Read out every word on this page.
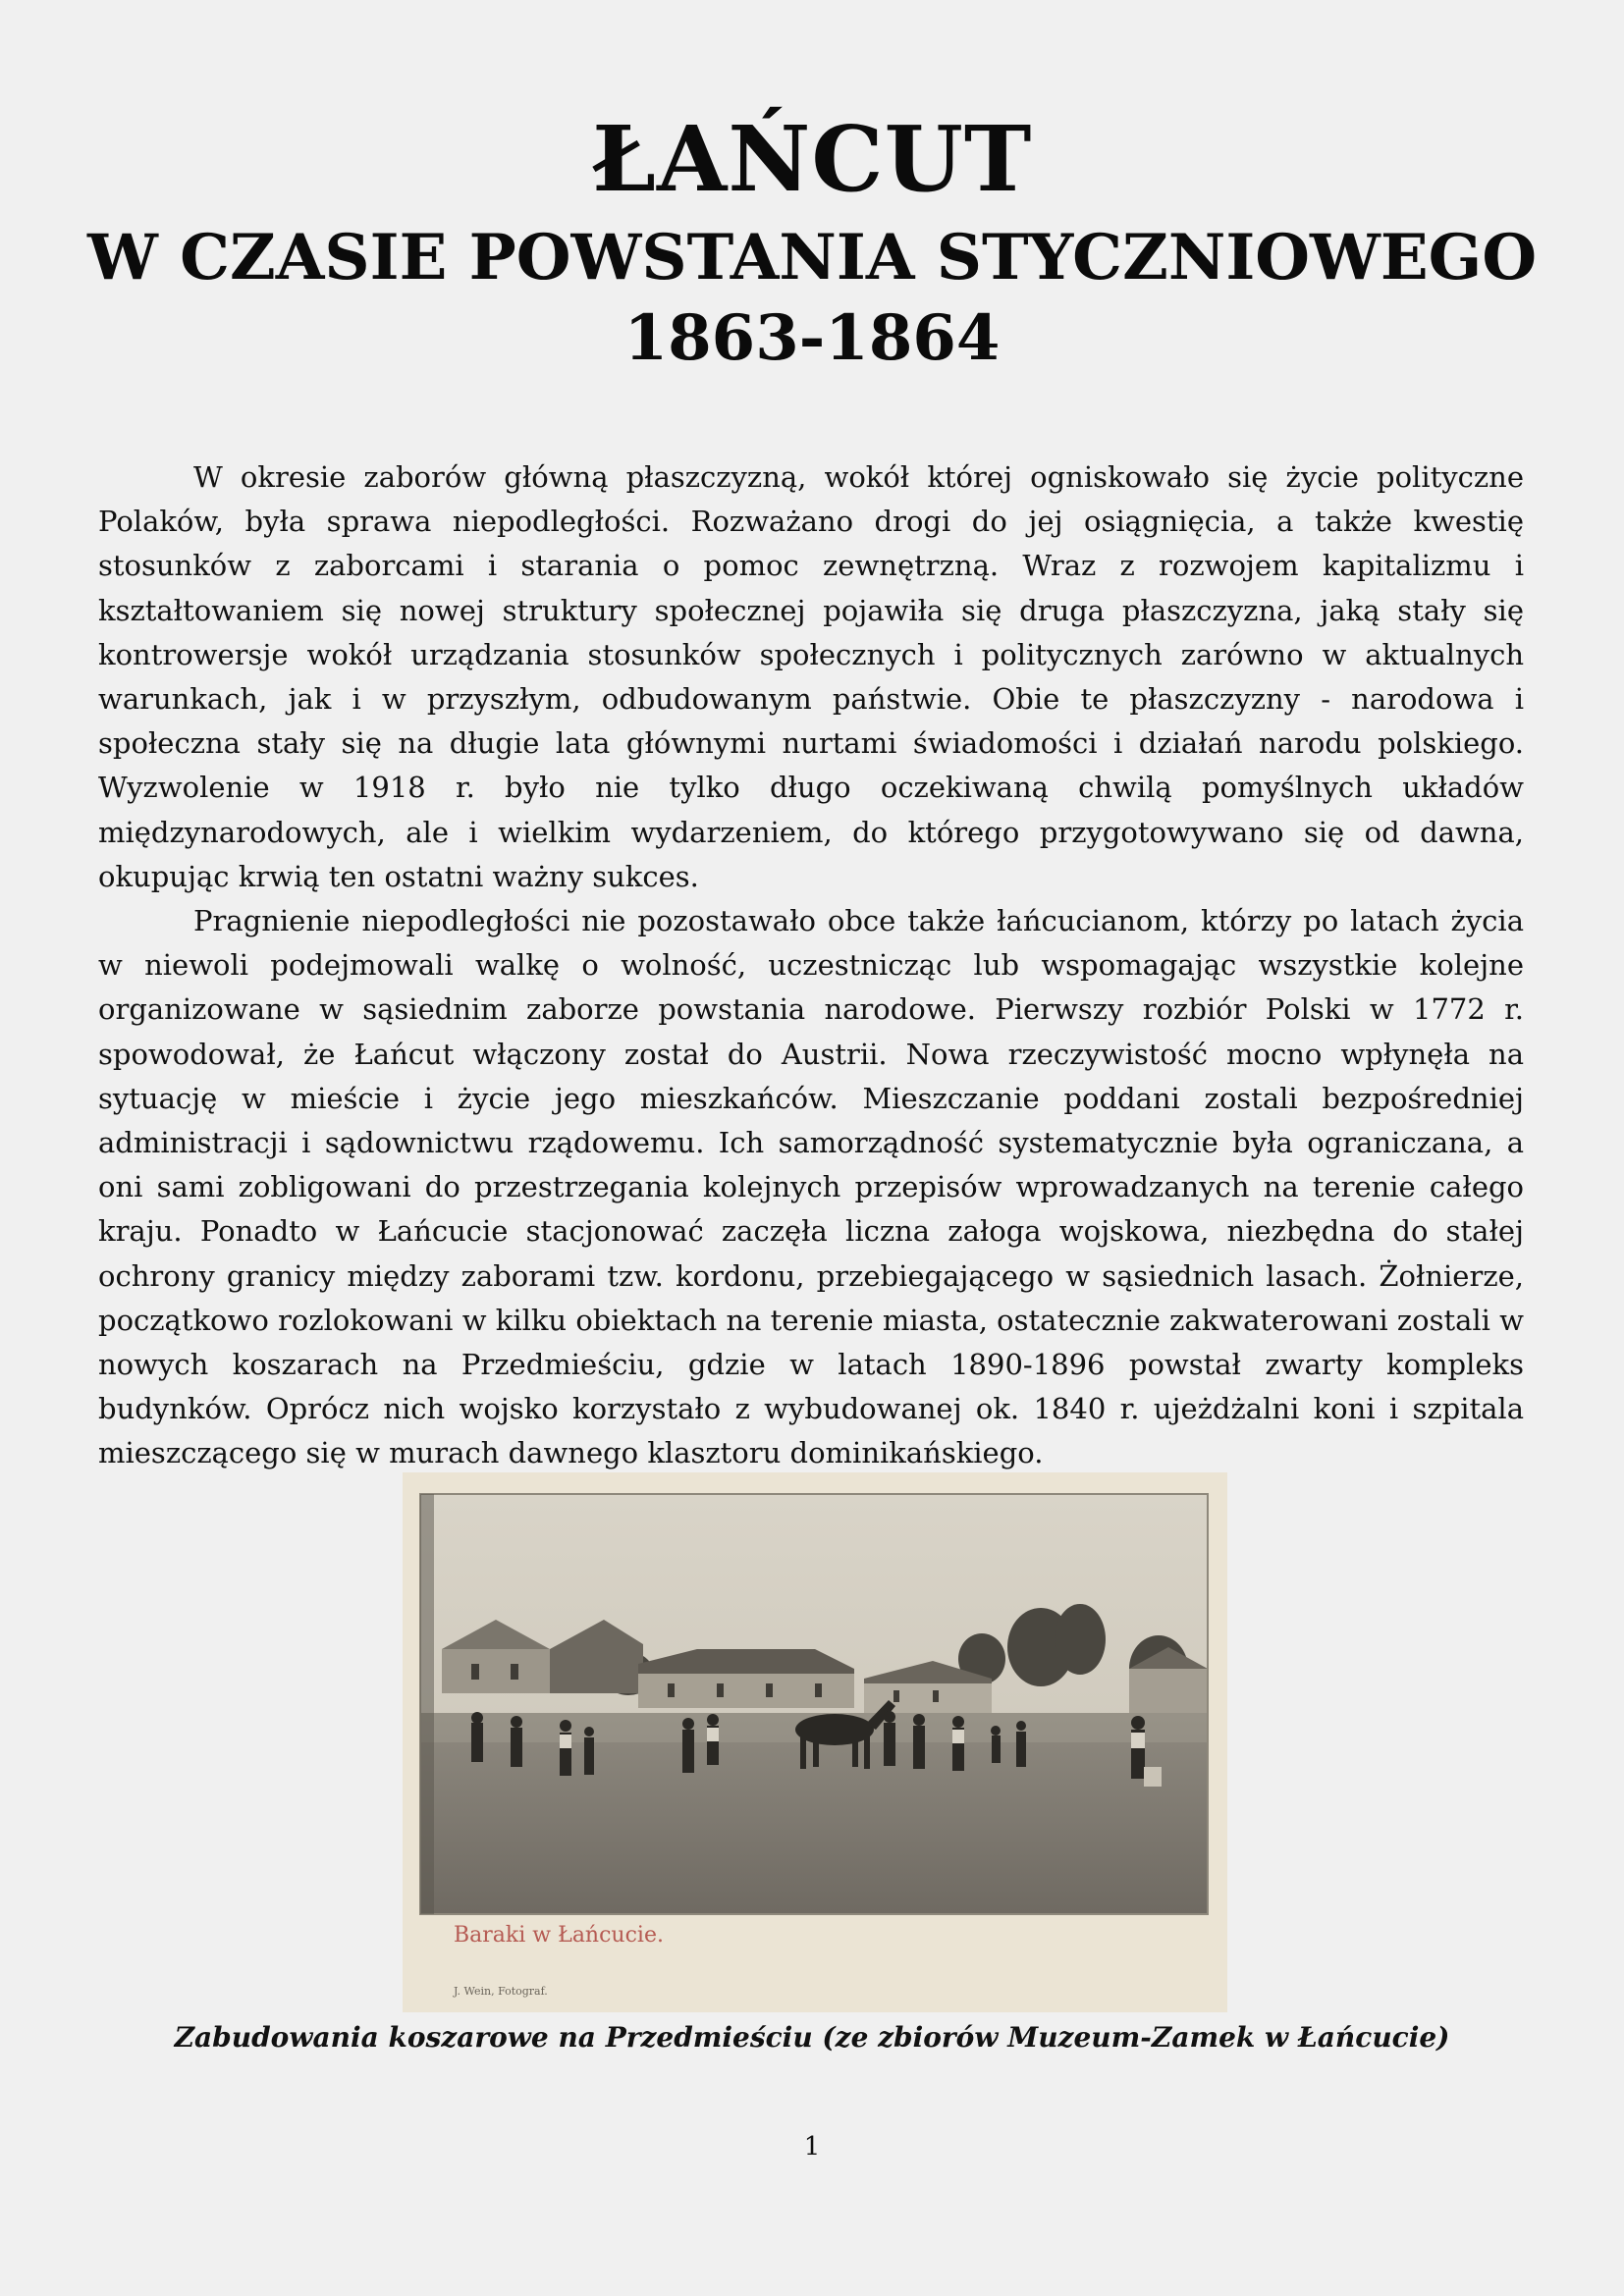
ŁAŃCUT
W CZASIE POWSTANIA STYCZNIOWEGO
1863-1864

W okresie zaborów główną płaszczyzną, wokół której ogniskowało się życie polityczne Polaków, była sprawa niepodległości. Rozważano drogi do jej osiągnięcia, a także kwestię stosunków z zaborcami i starania o pomoc zewnętrzną. Wraz z rozwojem kapitalizmu i kształtowaniem się nowej struktury społecznej pojawiła się druga płaszczyzna, jaką stały się kontrowersje wokół urządzania stosunków społecznych i politycznych zarówno w aktualnych warunkach, jak i w przyszłym, odbudowanym państwie. Obie te płaszczyzny - narodowa i społeczna stały się na długie lata głównymi nurtami świadomości i działań narodu polskiego. Wyzwolenie w 1918 r. było nie tylko długo oczekiwaną chwilą pomyślnych układów międzynarodowych, ale i wielkim wydarzeniem, do którego przygotowywano się od dawna, okupując krwią ten ostatni ważny sukces.

Pragnienie niepodległości nie pozostawało obce także łańcucianom, którzy po latach życia w niewoli podejmowali walkę o wolność, uczestnicząc lub wspomagając wszystkie kolejne organizowane w sąsiednim zaborze powstania narodowe. Pierwszy rozbiór Polski w 1772 r. spowodował, że Łańcut włączony został do Austrii. Nowa rzeczywistość mocno wpłynęła na sytuację w mieście i życie jego mieszkańców. Mieszczanie poddani zostali bezpośredniej administracji i sądownictwu rządowemu. Ich samorządność systematycznie była ograniczana, a oni sami zobligowani do przestrzegania kolejnych przepisów wprowadzanych na terenie całego kraju. Ponadto w Łańcucie stacjonować zaczęła liczna załoga wojskowa, niezbędna do stałej ochrony granicy między zaborami tzw. kordonu, przebiegającego w sąsiednich lasach. Żołnierze, początkowo rozlokowani w kilku obiektach na terenie miasta, ostatecznie zakwaterowani zostali w nowych koszarach na Przedmieściu, gdzie w latach 1890-1896 powstał zwarty kompleks budynków. Oprócz nich wojsko korzystało z wybudowanej ok. 1840 r. ujeżdżalni koni i szpitala mieszczącego się w murach dawnego klasztoru dominikańskiego.

Baraki w Łańcucie.
J. Wein, Fotograf.
Zabudowania koszarowe na Przedmieściu (ze zbiorów Muzeum-Zamek w Łańcucie)
1
